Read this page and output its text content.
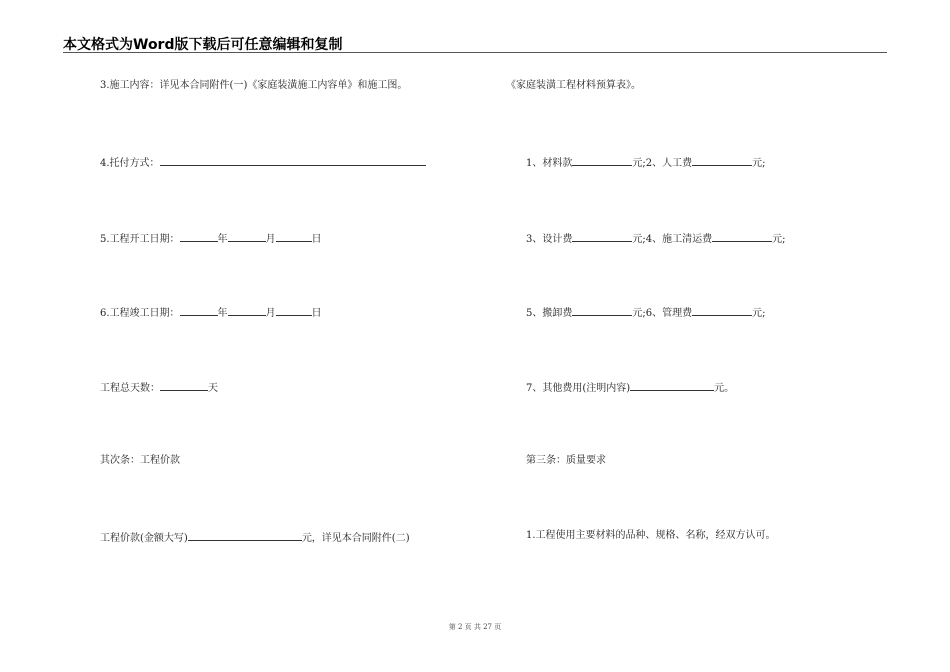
本文格式为Word版下载后可任意编辑和复制
3.施工内容：详见本合同附件(一)《家庭装潢施工内容单》和施工图。
4.托付方式：
5.工程开工日期：	年	月	日
6.工程竣工日期：	年	月	日
工程总天数：	天
其次条：工程价款
工程价款(金额大写)	元，详见本合同附件(二)
《家庭装潢工程材料预算表》。
1、材料款	元;2、人工费	元;
3、设计费	元;4、施工清运费	元;
5、搬卸费	元;6、管理费	元;
7、其他费用(注明内容)	元。
第三条：质量要求
1.工程使用主要材料的品种、规格、名称，经双方认可。
第 2 页 共 27 页
